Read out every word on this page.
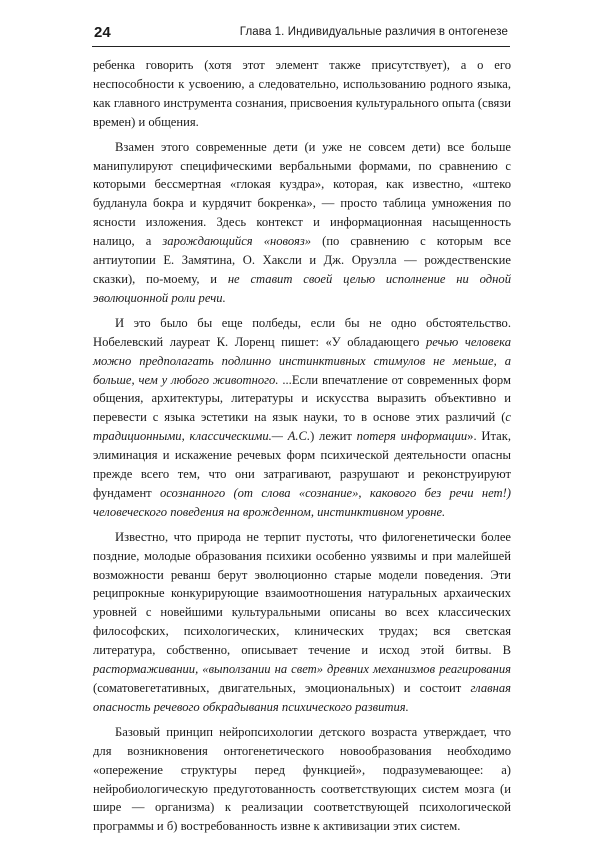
24	Глава 1. Индивидуальные различия в онтогенезе

ребенка говорить (хотя этот элемент также присутствует), а о его неспособности к усвоению, а следовательно, использованию родного языка, как главного инструмента сознания, присвоения культурального опыта (связи времен) и общения.

Взамен этого современные дети (и уже не совсем дети) все больше манипулируют специфическими вербальными формами, по сравнению с которыми бессмертная «глокая куздра», которая, как известно, «штеко будланула бокра и курдячит бокренка», — просто таблица умножения по ясности изложения. Здесь контекст и информационная насыщенность налицо, а зарождающийся «новояз» (по сравнению с которым все антиутопии Е. Замятина, О. Хаксли и Дж. Оруэлла — рождественские сказки), по-моему, и не ставит своей целью исполнение ни одной эволюционной роли речи.

И это было бы еще полбеды, если бы не одно обстоятельство. Нобелевский лауреат К. Лоренц пишет: «У обладающего речью человека можно предполагать подлинно инстинктивных стимулов не меньше, а больше, чем у любого животного. ...Если впечатление от современных форм общения, архитектуры, литературы и искусства выразить объективно и перевести с языка эстетики на язык науки, то в основе этих различий (с традиционными, классическими.— А.С.) лежит потеря информации». Итак, элиминация и искажение речевых форм психической деятельности опасны прежде всего тем, что они затрагивают, разрушают и реконструируют фундамент осознанного (от слова «сознание», какового без речи нет!) человеческого поведения на врожденном, инстинктивном уровне.

Известно, что природа не терпит пустоты, что филогенетически более поздние, молодые образования психики особенно уязвимы и при малейшей возможности реванш берут эволюционно старые модели поведения. Эти реципрокные конкурирующие взаимоотношения натуральных архаических уровней с новейшими культуральными описаны во всех классических философских, психологических, клинических трудах; вся светская литература, собственно, описывает течение и исход этой битвы. В растормаживании, «выползании на свет» древних механизмов реагирования (соматовегетативных, двигательных, эмоциональных) и состоит главная опасность речевого обкрадывания психического развития.

Базовый принцип нейропсихологии детского возраста утверждает, что для возникновения онтогенетического новообразования необходимо «опережение структуры перед функцией», подразумевающее: а) нейробиологическую предуготованность соответствующих систем мозга (и шире — организма) к реализации соответствующей психологической программы и б) востребованность извне к активизации этих систем.
